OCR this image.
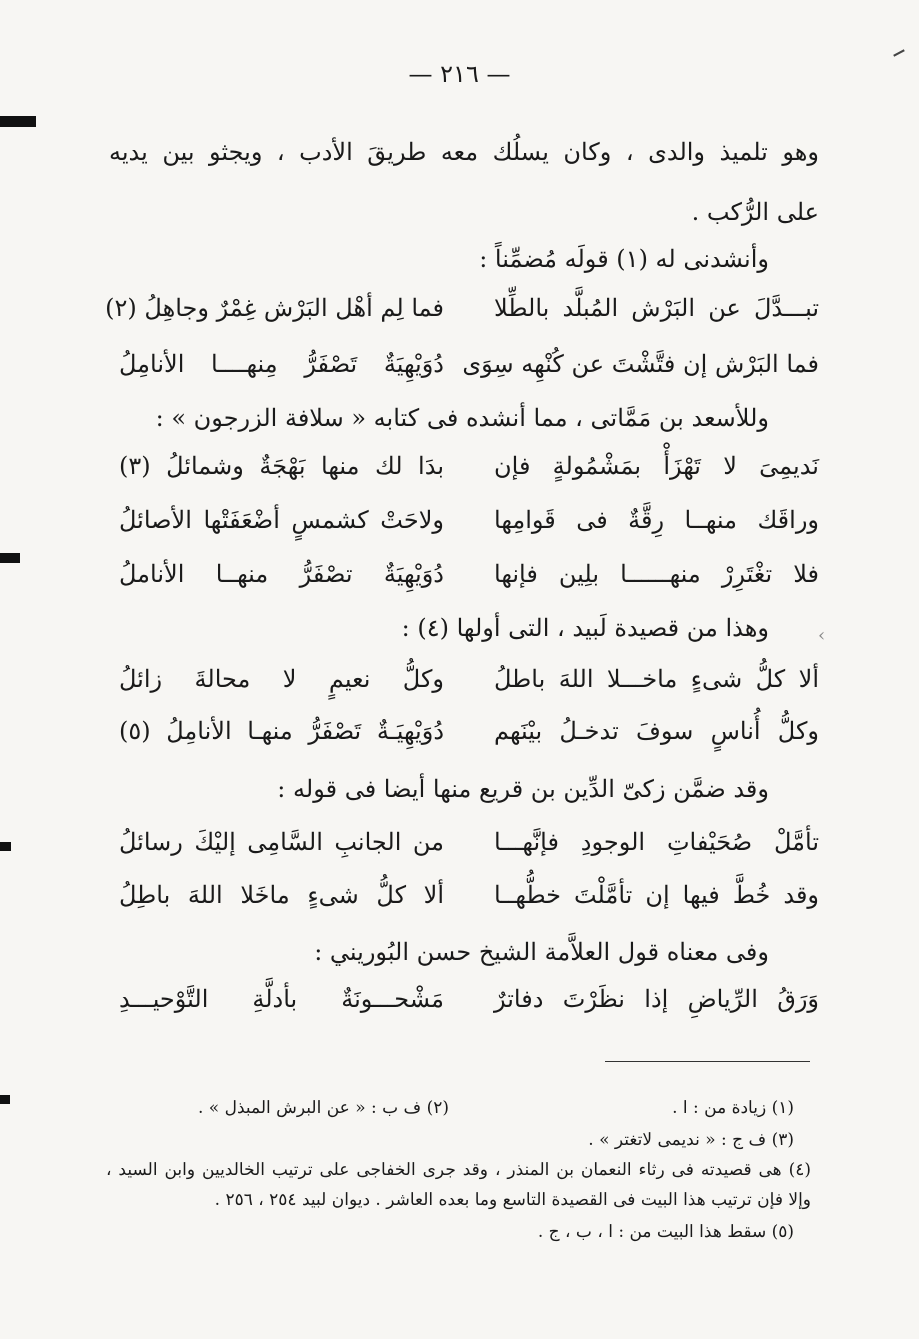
‹
— ٢١٦ —
وهو تلميذ والدى ، وكان يسلُك معه طريقَ الأدب ، ويجثو بين يديه
على الرُّكب .
وأنشدنى له (١) قولَه مُضمِّناً :
تبـــدَّلَ عن البَرْش المُبلَّد بالطِّلا
فما لِم أهْل البَرْش غِمْرٌ وجاهِلُ (٢)
فما البَرْش إن فتَّشْتَ عن كُنْهِه سِوَى
دُوَيْهِيَةٌ تَصْفَرُّ مِنهــــا الأنامِلُ
وللأسعد بن مَمَّاتى ، مما أنشده فى كتابه « سلافة الزرجون » :
نَديمِىَ لا تَهْزَأْ بمَشْمُولةٍ فإن
بدَا لك منها بَهْجَةٌ وشمائلُ (٣)
وراقَك منهــا رِقَّةٌ فى قَوامِها
ولاحَتْ كشمسٍ أضْعَفَتْها الأصائلُ
فلا تغْتَرِرْ منهــــــا بلِين فإنها
دُوَيْهِيَةٌ تصْفَرُّ منهــا الأناملُ
وهذا من قصيدة لَبيد ، التى أولها (٤) :
ألا كلُّ شىءٍ ماخـــلا اللهَ باطلُ
وكلُّ نعيمٍ لا محالةَ زائلُ
وكلُّ أُناسٍ سوفَ تدخـلُ بيْنَهم
دُوَيْهِيَـةٌ تَصْفَرُّ منهـا الأنامِلُ (٥)
وقد ضمَّن زكىّ الدِّين بن قريع منها أيضا فى قوله :
تأمَّلْ صُحَيْفاتِ الوجودِ فإنَّهـــا
من الجانبِ السَّامِى إليْكَ رسائلُ
وقد خُطَّ فيها إن تأمَّلْتَ خطُّهــا
ألا كلُّ شىءٍ ماخَلا اللهَ باطِلُ
وفى معناه قول العلاَّمة الشيخ حسن البُوريني :
وَرَقُ الرِّياضِ إذا نظَرْتَ دفاترٌ
مَشْحـــونَةٌ بأدلَّةِ التَّوْحيـــدِ
(١) زيادة من : ا .
(٢) ف ب : « عن البرش المبذل » .
(٣) ف ج : « نديمى لاتغتر » .
(٤) هى قصيدته فى رثاء النعمان بن المنذر ، وقد جرى الخفاجى على ترتيب الخالديين وابن السيد ،
وإلا فإن ترتيب هذا البيت فى القصيدة التاسع وما بعده العاشر . ديوان لبيد ٢٥٤ ، ٢٥٦ .
(٥) سقط هذا البيت من : ا ، ب ، ج .
